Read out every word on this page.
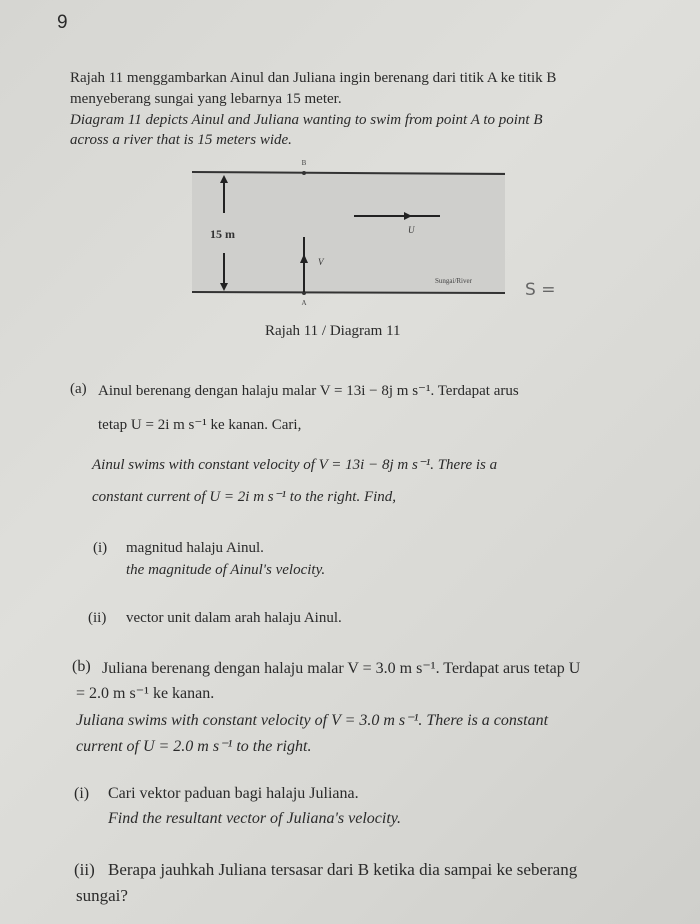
9
Rajah 11 menggambarkan Ainul dan Juliana ingin berenang dari titik A ke titik B
menyeberang sungai yang lebarnya 15 meter.
Diagram 11 depicts Ainul and Juliana wanting to swim from point A to point B
across a river that is 15 meters wide.
B
A
15 m	U
V
Sungai/River	S =
Rajah 11 / Diagram 11
(a) Ainul berenang dengan halaju malar V = 13i − 8j m s⁻¹. Terdapat arus
tetap U = 2i m s⁻¹ ke kanan. Cari,
Ainul swims with constant velocity of V = 13i − 8j m s⁻¹. There is a
constant current of U = 2i m s⁻¹ to the right. Find,
(i) magnitud halaju Ainul.
the magnitude of Ainul's velocity.
(ii) vector unit dalam arah halaju Ainul.
(b) Juliana berenang dengan halaju malar V = 3.0 m s⁻¹. Terdapat arus tetap U
= 2.0 m s⁻¹ ke kanan.
Juliana swims with constant velocity of V = 3.0 m s⁻¹. There is a constant
current of U = 2.0 m s⁻¹ to the right.
(i) Cari vektor paduan bagi halaju Juliana.
Find the resultant vector of Juliana's velocity.
(ii) Berapa jauhkah Juliana tersasar dari B ketika dia sampai ke seberang
sungai?
